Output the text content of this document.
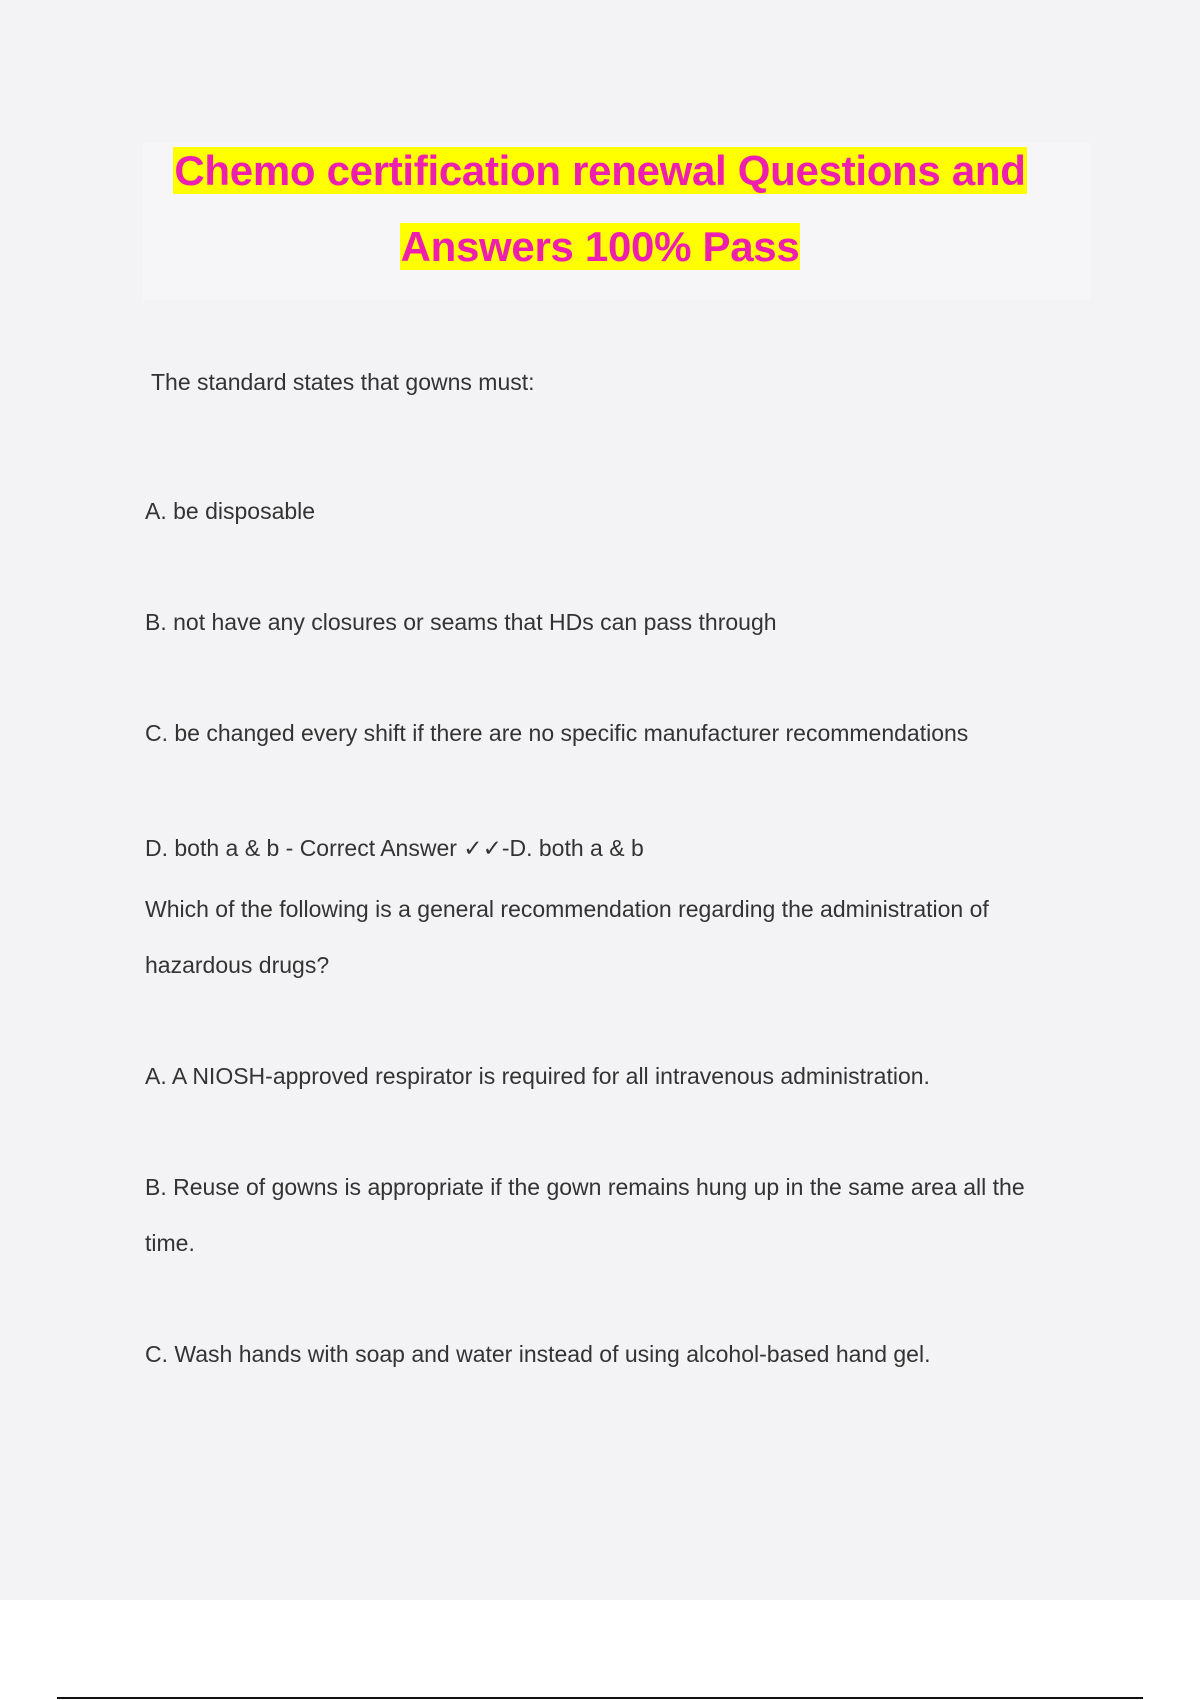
Chemo certification renewal Questions and
Answers 100% Pass
The standard states that gowns must:
A. be disposable
B. not have any closures or seams that HDs can pass through
C. be changed every shift if there are no specific manufacturer recommendations
D. both a & b - Correct Answer ✓✓-D. both a & b
Which of the following is a general recommendation regarding the administration of
hazardous drugs?
A. A NIOSH-approved respirator is required for all intravenous administration.
B. Reuse of gowns is appropriate if the gown remains hung up in the same area all the
time.
C. Wash hands with soap and water instead of using alcohol-based hand gel.
